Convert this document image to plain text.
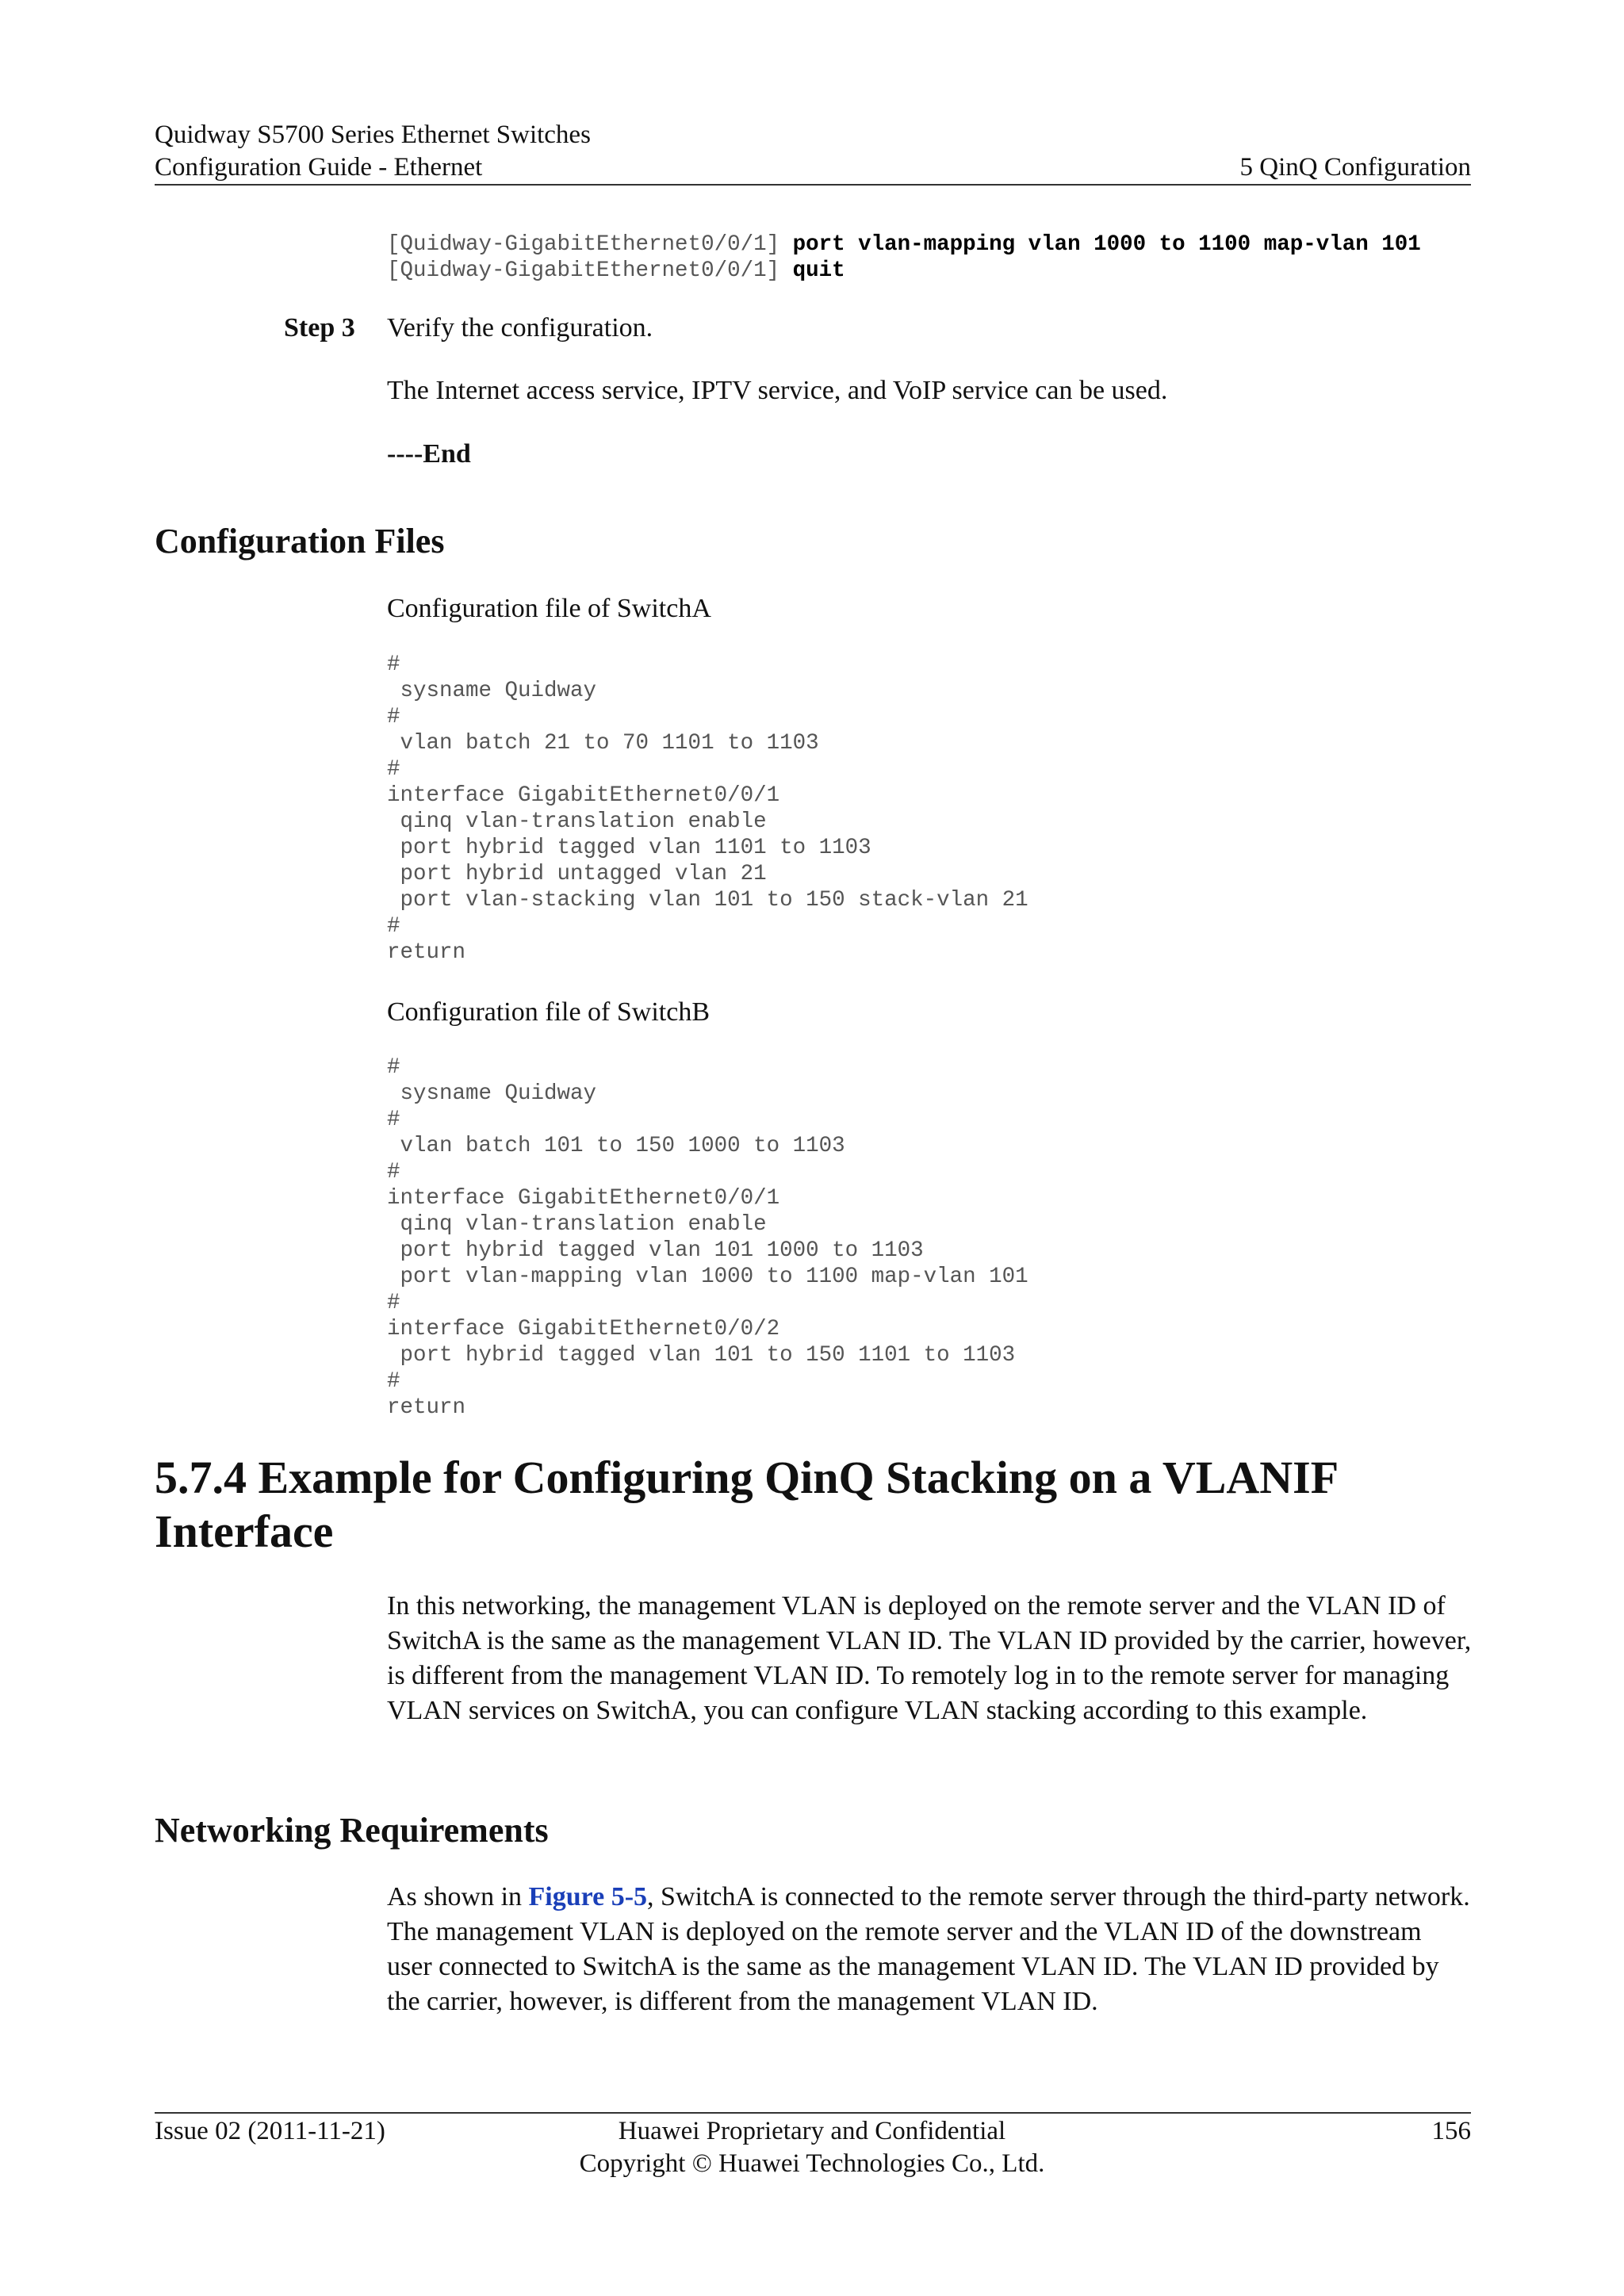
Quidway S5700 Series Ethernet Switches
Configuration Guide - Ethernet	5 QinQ Configuration
[Quidway-GigabitEthernet0/0/1] port vlan-mapping vlan 1000 to 1100 map-vlan 101
[Quidway-GigabitEthernet0/0/1] quit
Step 3 Verify the configuration.
The Internet access service, IPTV service, and VoIP service can be used.
----End
Configuration Files
Configuration file of SwitchA
#
sysname Quidway
#
vlan batch 21 to 70 1101 to 1103
#
interface GigabitEthernet0/0/1
qinq vlan-translation enable
port hybrid tagged vlan 1101 to 1103
port hybrid untagged vlan 21
port vlan-stacking vlan 101 to 150 stack-vlan 21
#
return
Configuration file of SwitchB
#
sysname Quidway
#
vlan batch 101 to 150 1000 to 1103
#
interface GigabitEthernet0/0/1
qinq vlan-translation enable
port hybrid tagged vlan 101 1000 to 1103
port vlan-mapping vlan 1000 to 1100 map-vlan 101
#
interface GigabitEthernet0/0/2
port hybrid tagged vlan 101 to 150 1101 to 1103
#
return
5.7.4 Example for Configuring QinQ Stacking on a VLANIF Interface
In this networking, the management VLAN is deployed on the remote server and the VLAN ID of SwitchA is the same as the management VLAN ID. The VLAN ID provided by the carrier, however, is different from the management VLAN ID. To remotely log in to the remote server for managing VLAN services on SwitchA, you can configure VLAN stacking according to this example.
Networking Requirements
As shown in Figure 5-5, SwitchA is connected to the remote server through the third-party network. The management VLAN is deployed on the remote server and the VLAN ID of the downstream user connected to SwitchA is the same as the management VLAN ID. The VLAN ID provided by the carrier, however, is different from the management VLAN ID.
Issue 02 (2011-11-21)	Huawei Proprietary and Confidential
Copyright © Huawei Technologies Co., Ltd.
156
